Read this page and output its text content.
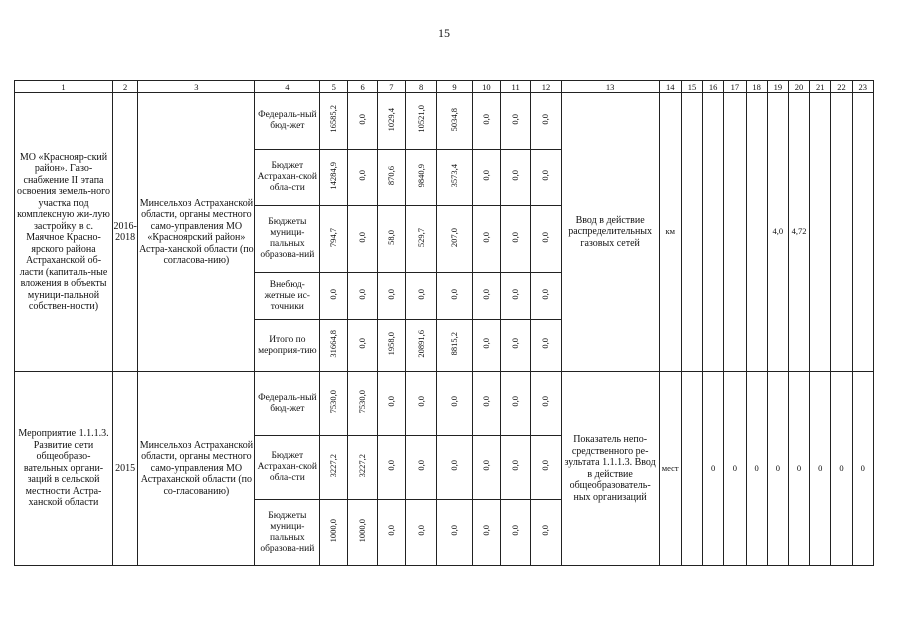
15
1	2	3	4	5	6	7	8	9	10	11	12	13	14	15	16	17	18	19	20	21	22	23
МО «Краснояр-ский район». Газо-снабжение II этапа освоения земель-ного участка под комплексную жи-лую застройку в с. Маячное Красно-ярского района Астраханской об-ласти (капиталь-ные вложения в объекты муници-пальной собствен-ности)	2016-2018	Минсельхоз Астраханской области, органы местного само-управления МО «Красноярский район» Астра-ханской области (по согласова-нию)	Федераль-ный бюд-жет	16585,2	0,0	1029,4	10521,0	5034,8	0,0	0,0	0,0	Ввод в действие распределительных газовых сетей	км					4,0	4,72			
			Бюджет Астрахан-ской обла-сти	14284,9	0,0	870,6	9840,9	3573,4	0,0	0,0	0,0											
			Бюджеты муници-пальных образова-ний	794,7	0,0	58,0	529,7	207,0	0,0	0,0	0,0											
			Внебюд-жетные ис-точники	0,0	0,0	0,0	0,0	0,0	0,0	0,0	0,0											
			Итого по мероприя-тию	31664,8	0,0	1958,0	20891,6	8815,2	0,0	0,0	0,0											
Мероприятие 1.1.1.3. Развитие сети общеобразо-вательных органи-заций в сельской местности Астра-ханской области	2015	Минсельхоз Астраханской области, органы местного само-управления МО Астраханской области (по со-гласованию)	Федераль-ный бюд-жет	7530,0	7530,0	0,0	0,0	0,0	0,0	0,0	0,0	Показатель непо-средственного ре-зультата 1.1.1.3. Ввод в действие общеобразователь-ных организаций	мест		0	0	0	0	0	0	0	0
			Бюджет Астрахан-ской обла-сти	3227,2	3227,2	0,0	0,0	0,0	0,0	0,0	0,0											
			Бюджеты муници-пальных образова-ний	1000,0	1000,0	0,0	0,0	0,0	0,0	0,0	0,0											
